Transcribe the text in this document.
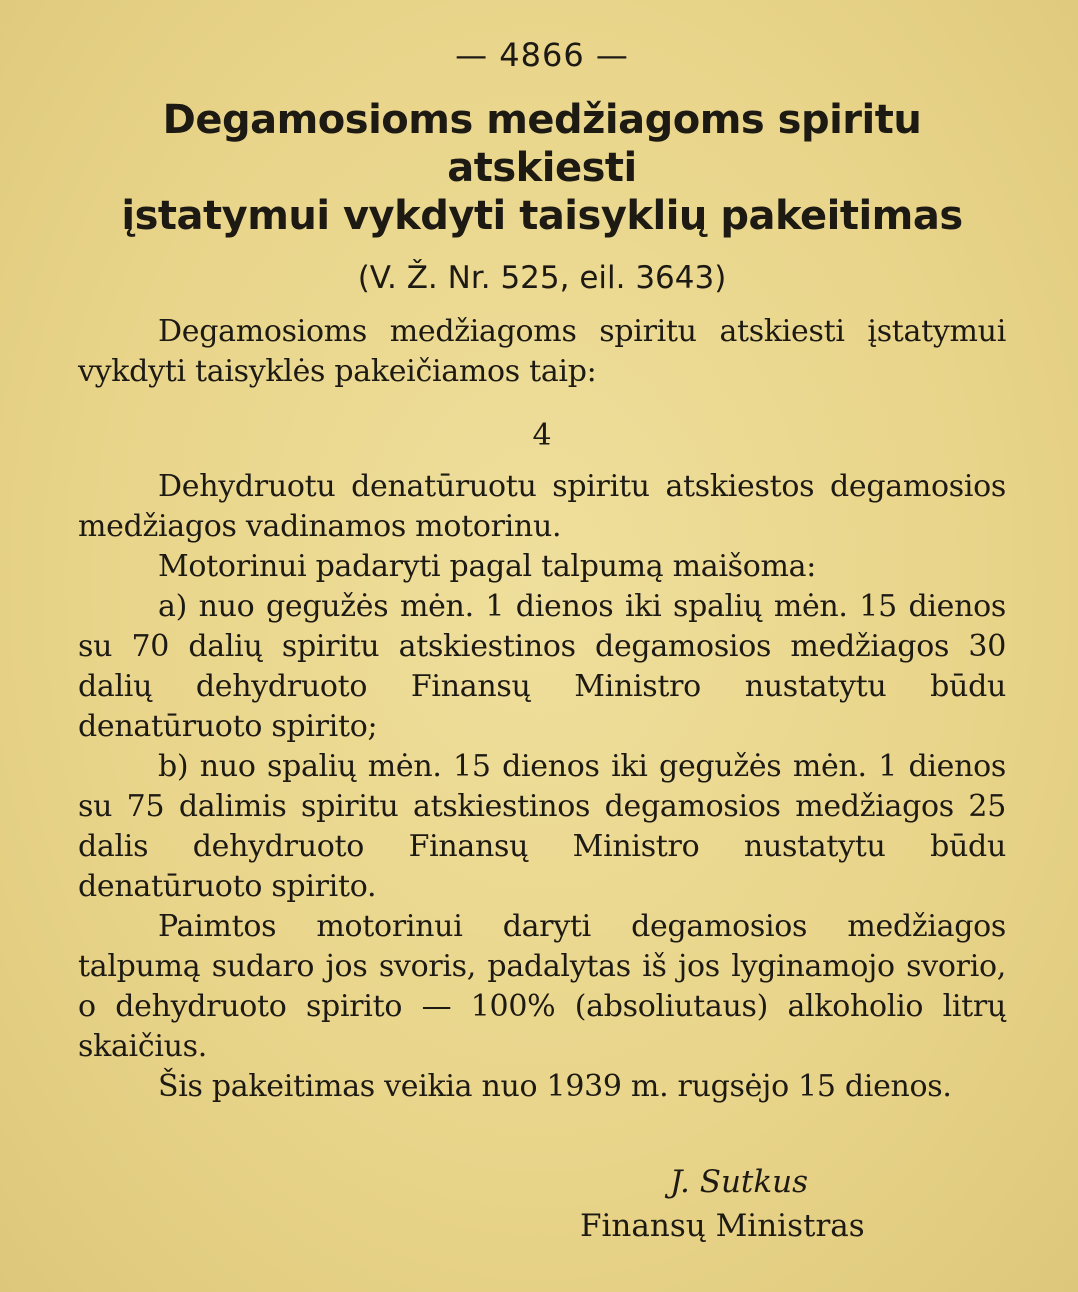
— 4866 —
Degamosioms medžiagoms spiritu atskiesti
įstatymui vykdyti taisyklių pakeitimas
(V. Ž. Nr. 525, eil. 3643)

Degamosioms medžiagoms spiritu atskiesti įstatymui vykdyti taisyklės pakeičiamos taip:

4

Dehydruotu denatūruotu spiritu atskiestos degamosios medžiagos vadinamos motorinu.

Motorinui padaryti pagal talpumą maišoma:

a) nuo gegužės mėn. 1 dienos iki spalių mėn. 15 dienos su 70 dalių spiritu atskiestinos degamosios medžiagos 30 dalių dehydruoto Finansų Ministro nustatytu būdu denatūruoto spirito;

b) nuo spalių mėn. 15 dienos iki gegužės mėn. 1 dienos su 75 dalimis spiritu atskiestinos degamosios medžiagos 25 dalis dehydruoto Finansų Ministro nustatytu būdu denatūruoto spirito.

Paimtos motorinui daryti degamosios medžiagos talpumą sudaro jos svoris, padalytas iš jos lyginamojo svorio, o dehydruoto spirito — 100% (absoliutaus) alkoholio litrų skaičius.

Šis pakeitimas veikia nuo 1939 m. rugsėjo 15 dienos.

J. Sutkus
Finansų Ministras
